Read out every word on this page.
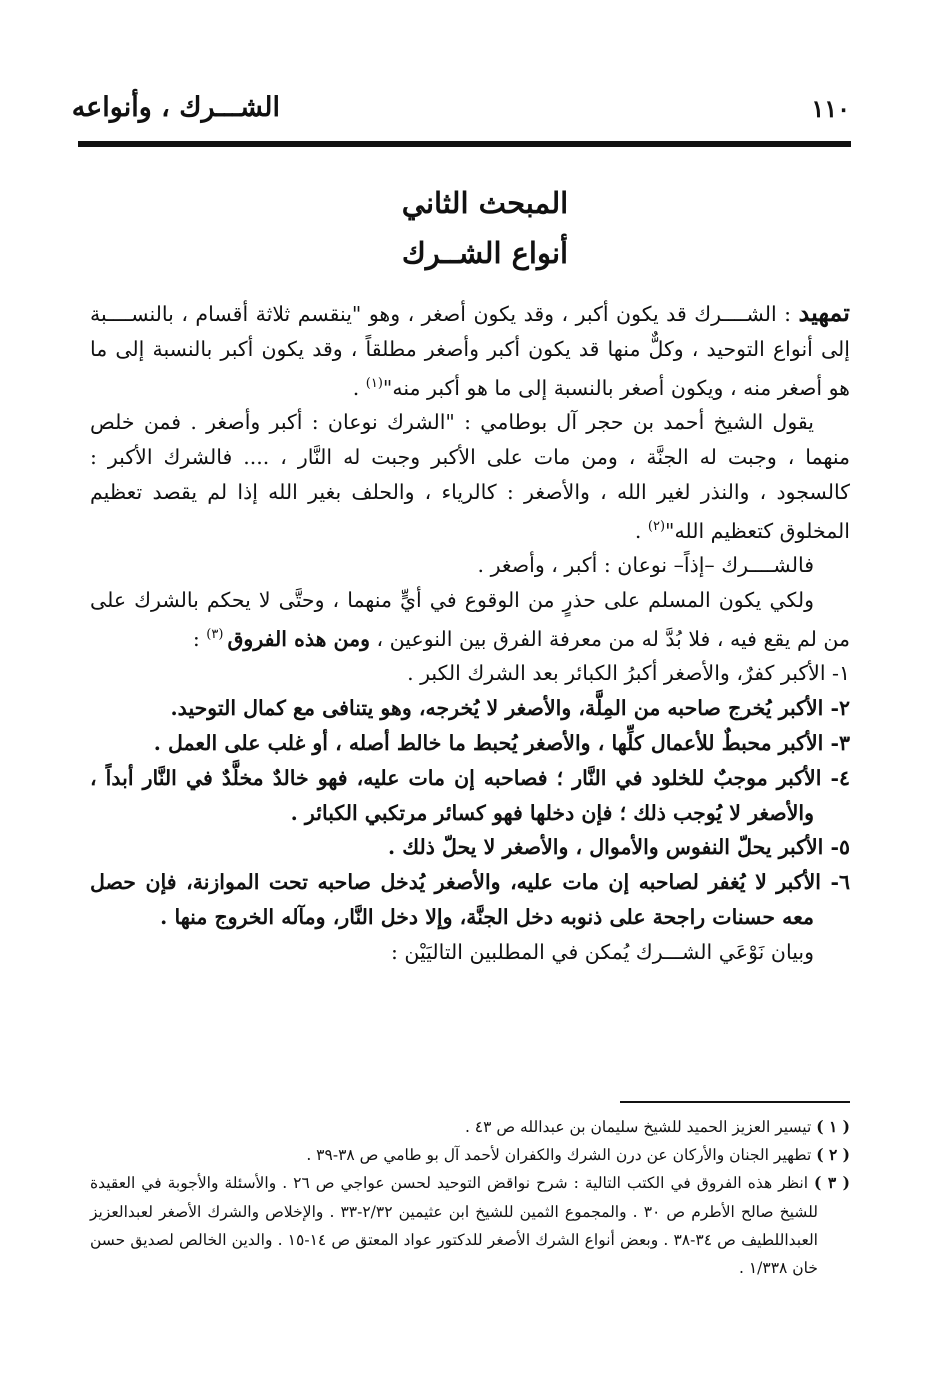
الشـــرك ، وأنواعه	١١٠
المبحث الثاني
أنواع الشــرك

تمهيد : الشــــرك قد يكون أكبر ، وقد يكون أصغر ، وهو "ينقسم ثلاثة أقسام ، بالنســــبة إلى أنواع التوحيد ، وكلٌّ منها قد يكون أكبر وأصغر مطلقاً ، وقد يكون أكبر بالنسبة إلى ما هو أصغر منه ، ويكون أصغر بالنسبة إلى ما هو أكبر منه"$^{(١)}$ .

يقول الشيخ أحمد بن حجر آل بوطامي : "الشرك نوعان : أكبر وأصغر . فمن خلص منهما ، وجبت له الجنَّة ، ومن مات على الأكبر وجبت له النَّار ، .... فالشرك الأكبر : كالسجود ، والنذر لغير الله ، والأصغر : كالرياء ، والحلف بغير الله إذا لم يقصد تعظيم المخلوق كتعظيم الله"$^{(٢)}$ .

فالشــــرك –إذاً– نوعان : أكبر ، وأصغر .

ولكي يكون المسلم على حذرٍ من الوقوع في أيٍّ منهما ، وحتَّى لا يحكم بالشرك على من لم يقع فيه ، فلا بُدَّ له من معرفة الفرق بين النوعين ، ومن هذه الفروق $^{(٣)}$ :

١- الأكبر كفرٌ، والأصغر أكبرُ الكبائر بعد الشرك الكبر .
٢- الأكبر يُخرج صاحبه من المِلَّة، والأصغر لا يُخرجه، وهو يتنافى مع كمال التوحيد.
٣- الأكبر محبطٌ للأعمال كلِّها ، والأصغر يُحبط ما خالط أصله ، أو غلب على العمل .
٤- الأكبر موجبٌ للخلود في النَّار ؛ فصاحبه إن مات عليه، فهو خالدٌ مخلَّدٌ في النَّار أبداً ، والأصغر لا يُوجب ذلك ؛ فإن دخلها فهو كسائر مرتكبي الكبائر .
٥- الأكبر يحلّ النفوس والأموال ، والأصغر لا يحلّ ذلك .
٦- الأكبر لا يُغفر لصاحبه إن مات عليه، والأصغر يُدخل صاحبه تحت الموازنة، فإن حصل معه حسنات راجحة على ذنوبه دخل الجنَّة، وإلا دخل النَّار، ومآله الخروج منها .

وبيان نَوْعَي الشـــرك يُمكن في المطلبين التاليَيْن :

( ١ ) تيسير العزيز الحميد للشيخ سليمان بن عبدالله ص ٤٣ .

( ٢ ) تطهير الجنان والأركان عن درن الشرك والكفران لأحمد آل بو طامي ص ٣٨-٣٩ .

( ٣ ) انظر هذه الفروق في الكتب التالية : شرح نواقض التوحيد لحسن عواجي ص ٢٦ . والأسئلة والأجوبة في العقيدة للشيخ صالح الأطرم ص ٣٠ . والمجموع الثمين للشيخ ابن عثيمين ٢/٣٢-٣٣ . والإخلاص والشرك الأصغر لعبدالعزيز العبداللطيف ص ٣٤-٣٨ . وبعض أنواع الشرك الأصغر للدكتور عواد المعتق ص ١٤-١٥ . والدين الخالص لصديق حسن خان ١/٣٣٨ .
